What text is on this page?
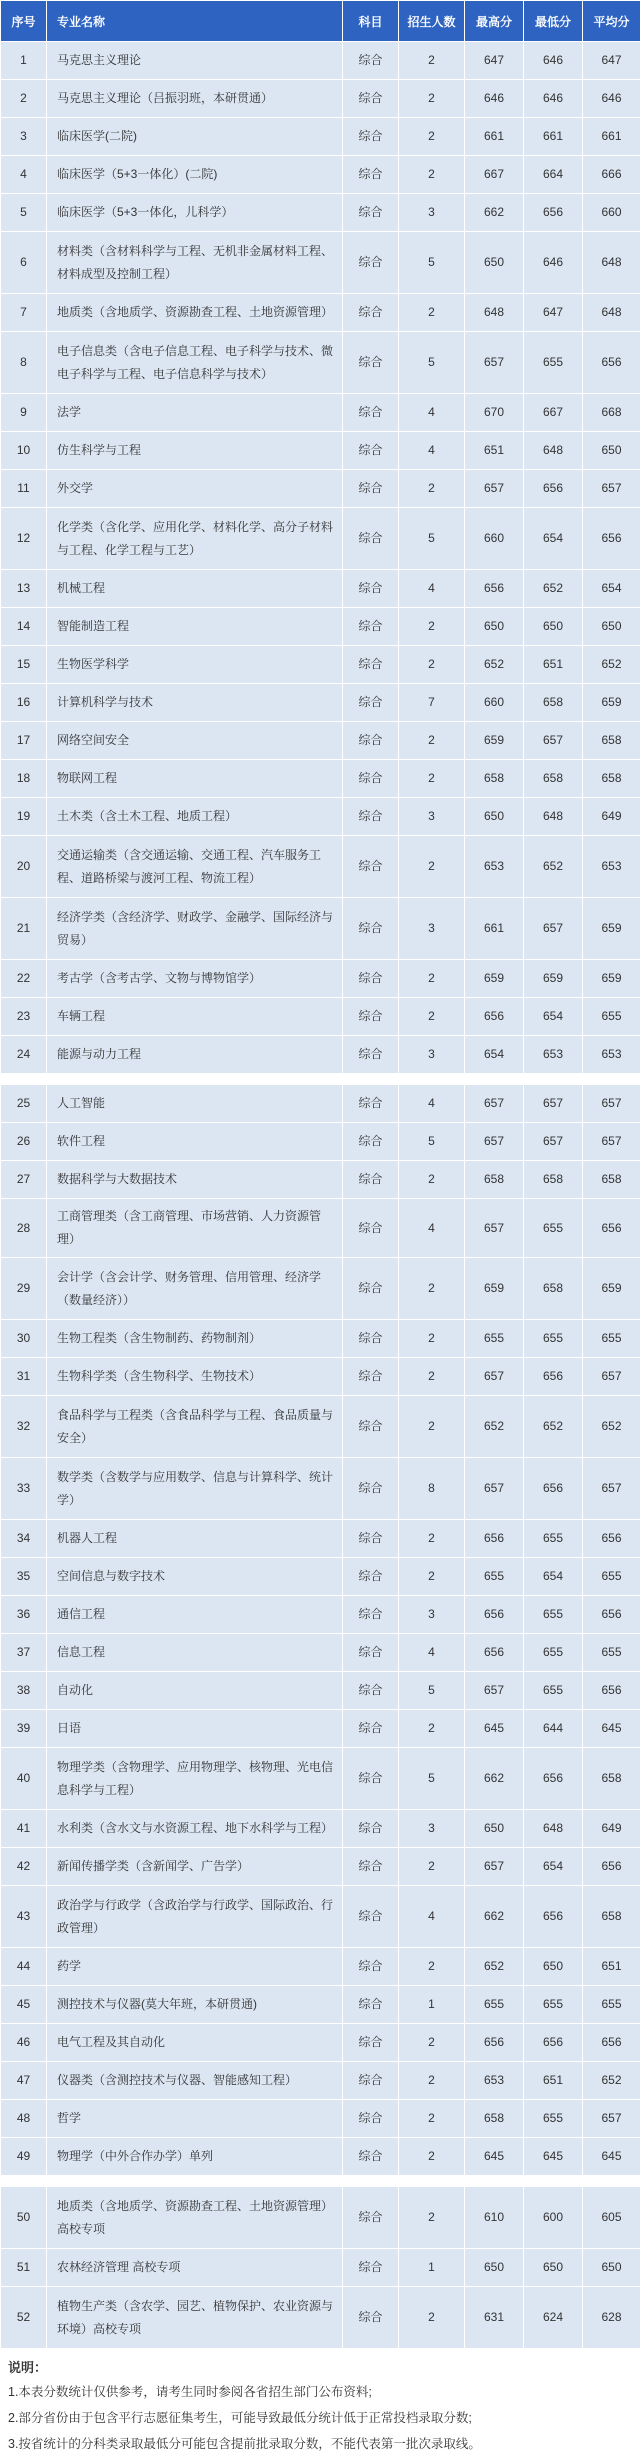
序号	专业名称	科目	招生人数	最高分	最低分	平均分
1	马克思主义理论	综合	2	647	646	647
2	马克思主义理论（吕振羽班，本研贯通）	综合	2	646	646	646
3	临床医学(二院)	综合	2	661	661	661
4	临床医学（5+3一体化）(二院)	综合	2	667	664	666
5	临床医学（5+3一体化，儿科学）	综合	3	662	656	660
6	材料类（含材料科学与工程、无机非金属材料工程、材料成型及控制工程）	综合	5	650	646	648
7	地质类（含地质学、资源勘查工程、土地资源管理）	综合	2	648	647	648
8	电子信息类（含电子信息工程、电子科学与技术、微电子科学与工程、电子信息科学与技术）	综合	5	657	655	656
9	法学	综合	4	670	667	668
10	仿生科学与工程	综合	4	651	648	650
11	外交学	综合	2	657	656	657
12	化学类（含化学、应用化学、材料化学、高分子材料与工程、化学工程与工艺）	综合	5	660	654	656
13	机械工程	综合	4	656	652	654
14	智能制造工程	综合	2	650	650	650
15	生物医学科学	综合	2	652	651	652
16	计算机科学与技术	综合	7	660	658	659
17	网络空间安全	综合	2	659	657	658
18	物联网工程	综合	2	658	658	658
19	土木类（含土木工程、地质工程）	综合	3	650	648	649
20	交通运输类（含交通运输、交通工程、汽车服务工程、道路桥梁与渡河工程、物流工程）	综合	2	653	652	653
21	经济学类（含经济学、财政学、金融学、国际经济与贸易）	综合	3	661	657	659
22	考古学（含考古学、文物与博物馆学）	综合	2	659	659	659
23	车辆工程	综合	2	656	654	655
24	能源与动力工程	综合	3	654	653	653

25	人工智能	综合	4	657	657	657
26	软件工程	综合	5	657	657	657
27	数据科学与大数据技术	综合	2	658	658	658
28	工商管理类（含工商管理、市场营销、人力资源管理）	综合	4	657	655	656
29	会计学（含会计学、财务管理、信用管理、经济学（数量经济））	综合	2	659	658	659
30	生物工程类（含生物制药、药物制剂）	综合	2	655	655	655
31	生物科学类（含生物科学、生物技术）	综合	2	657	656	657
32	食品科学与工程类（含食品科学与工程、食品质量与安全）	综合	2	652	652	652
33	数学类（含数学与应用数学、信息与计算科学、统计学）	综合	8	657	656	657
34	机器人工程	综合	2	656	655	656
35	空间信息与数字技术	综合	2	655	654	655
36	通信工程	综合	3	656	655	656
37	信息工程	综合	4	656	655	655
38	自动化	综合	5	657	655	656
39	日语	综合	2	645	644	645
40	物理学类（含物理学、应用物理学、核物理、光电信息科学与工程）	综合	5	662	656	658
41	水利类（含水文与水资源工程、地下水科学与工程）	综合	3	650	648	649
42	新闻传播学类（含新闻学、广告学）	综合	2	657	654	656
43	政治学与行政学（含政治学与行政学、国际政治、行政管理）	综合	4	662	656	658
44	药学	综合	2	652	650	651
45	测控技术与仪器(莫大年班，本研贯通)	综合	1	655	655	655
46	电气工程及其自动化	综合	2	656	656	656
47	仪器类（含测控技术与仪器、智能感知工程）	综合	2	653	651	652
48	哲学	综合	2	658	655	657
49	物理学（中外合作办学）单列	综合	2	645	645	645

50	地质类（含地质学、资源勘查工程、土地资源管理）高校专项	综合	2	610	600	605
51	农林经济管理 高校专项	综合	1	650	650	650
52	植物生产类（含农学、园艺、植物保护、农业资源与环境）高校专项	综合	2	631	624	628
说明：
1.本表分数统计仅供参考，请考生同时参阅各省招生部门公布资料;
2.部分省份由于包含平行志愿征集考生，可能导致最低分统计低于正常投档录取分数;
3.按省统计的分科类录取最低分可能包含提前批录取分数，不能代表第一批次录取线。
